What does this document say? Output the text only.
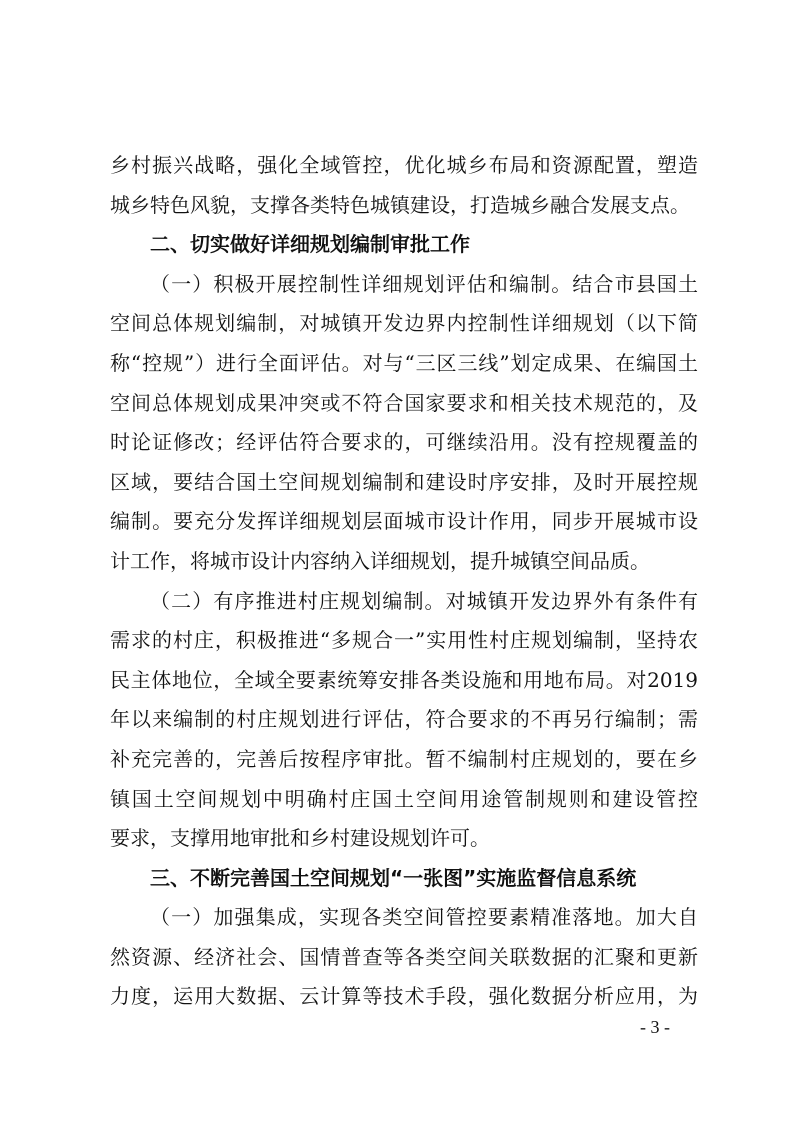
乡村振兴战略，强化全域管控，优化城乡布局和资源配置，塑造
城乡特色风貌，支撑各类特色城镇建设，打造城乡融合发展支点。
二、切实做好详细规划编制审批工作
（一）积极开展控制性详细规划评估和编制。结合市县国土
空间总体规划编制，对城镇开发边界内控制性详细规划（以下简
称“控规”）进行全面评估。对与“三区三线”划定成果、在编国土
空间总体规划成果冲突或不符合国家要求和相关技术规范的，及
时论证修改；经评估符合要求的，可继续沿用。没有控规覆盖的
区域，要结合国土空间规划编制和建设时序安排，及时开展控规
编制。要充分发挥详细规划层面城市设计作用，同步开展城市设
计工作，将城市设计内容纳入详细规划，提升城镇空间品质。
（二）有序推进村庄规划编制。对城镇开发边界外有条件有
需求的村庄，积极推进“多规合一”实用性村庄规划编制，坚持农
民主体地位，全域全要素统筹安排各类设施和用地布局。对2019
年以来编制的村庄规划进行评估，符合要求的不再另行编制；需
补充完善的，完善后按程序审批。暂不编制村庄规划的，要在乡
镇国土空间规划中明确村庄国土空间用途管制规则和建设管控
要求，支撑用地审批和乡村建设规划许可。
三、不断完善国土空间规划“一张图”实施监督信息系统
（一）加强集成，实现各类空间管控要素精准落地。加大自
然资源、经济社会、国情普查等各类空间关联数据的汇聚和更新
力度，运用大数据、云计算等技术手段，强化数据分析应用，为
- 3 -
